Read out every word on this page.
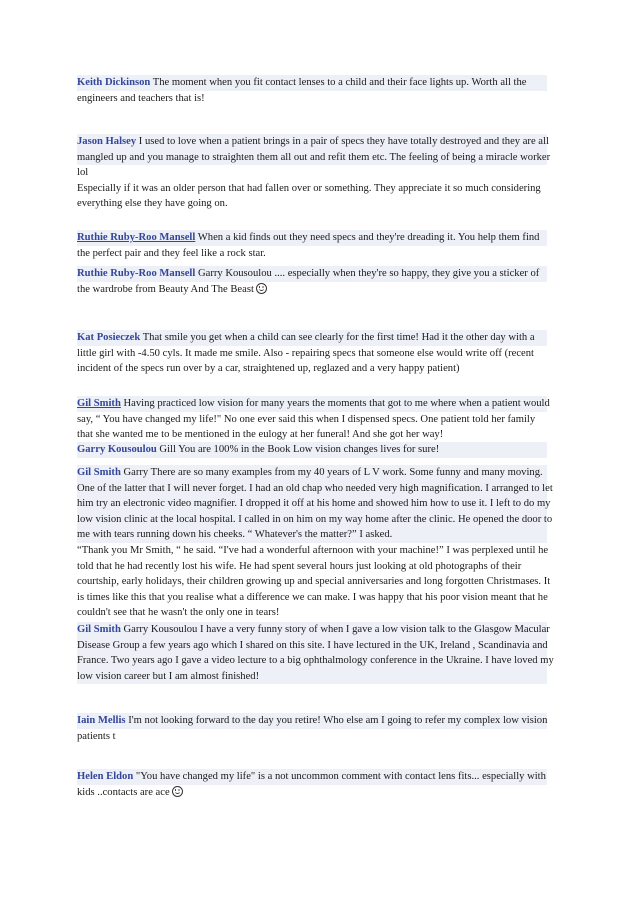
Keith Dickinson The moment when you fit contact lenses to a child and their face lights up. Worth all the
engineers and teachers that is!
Jason Halsey I used to love when a patient brings in a pair of specs they have totally destroyed and they are all
mangled up and you manage to straighten them all out and refit them etc. The feeling of being a miracle worker
lol
Especially if it was an older person that had fallen over or something. They appreciate it so much considering
everything else they have going on.
Ruthie Ruby-Roo Mansell When a kid finds out they need specs and they're dreading it. You help them find
the perfect pair and they feel like a rock star.
Ruthie Ruby-Roo Mansell Garry Kousoulou .... especially when they're so happy, they give you a sticker of
the wardrobe from Beauty And The Beast
Kat Posieczek That smile you get when a child can see clearly for the first time! Had it the other day with a
little girl with -4.50 cyls. It made me smile. Also - repairing specs that someone else would write off (recent
incident of the specs run over by a car, straightened up, reglazed and a very happy patient)
Gil Smith Having practiced low vision for many years the moments that got to me where when a patient would
say, “ You have changed my life!" No one ever said this when I dispensed specs. One patient told her family
that she wanted me to be mentioned in the eulogy at her funeral! And she got her way!
Garry Kousoulou Gill You are 100% in the Book Low vision changes lives for sure!
Gil Smith Garry There are so many examples from my 40 years of L V work. Some funny and many moving.
One of the latter that I will never forget. I had an old chap who needed very high magnification. I arranged to let
him try an electronic video magnifier. I dropped it off at his home and showed him how to use it. I left to do my
low vision clinic at the local hospital. I called in on him on my way home after the clinic. He opened the door to
me with tears running down his cheeks. “ Whatever's the matter?” I asked.
“Thank you Mr Smith, “ he said. “I've had a wonderful afternoon with your machine!” I was perplexed until he
told that he had recently lost his wife. He had spent several hours just looking at old photographs of their
courtship, early holidays, their children growing up and special anniversaries and long forgotten Christmases. It
is times like this that you realise what a difference we can make. I was happy that his poor vision meant that he
couldn't see that he wasn't the only one in tears!
Gil Smith Garry Kousoulou I have a very funny story of when I gave a low vision talk to the Glasgow Macular
Disease Group a few years ago which I shared on this site. I have lectured in the UK, Ireland , Scandinavia and
France. Two years ago I gave a video lecture to a big ophthalmology conference in the Ukraine. I have loved my
low vision career but I am almost finished!
Iain Mellis I'm not looking forward to the day you retire! Who else am I going to refer my complex low vision
patients t
Helen Eldon "You have changed my life" is a not uncommon comment with contact lens fits... especially with
kids ..contacts are ace
